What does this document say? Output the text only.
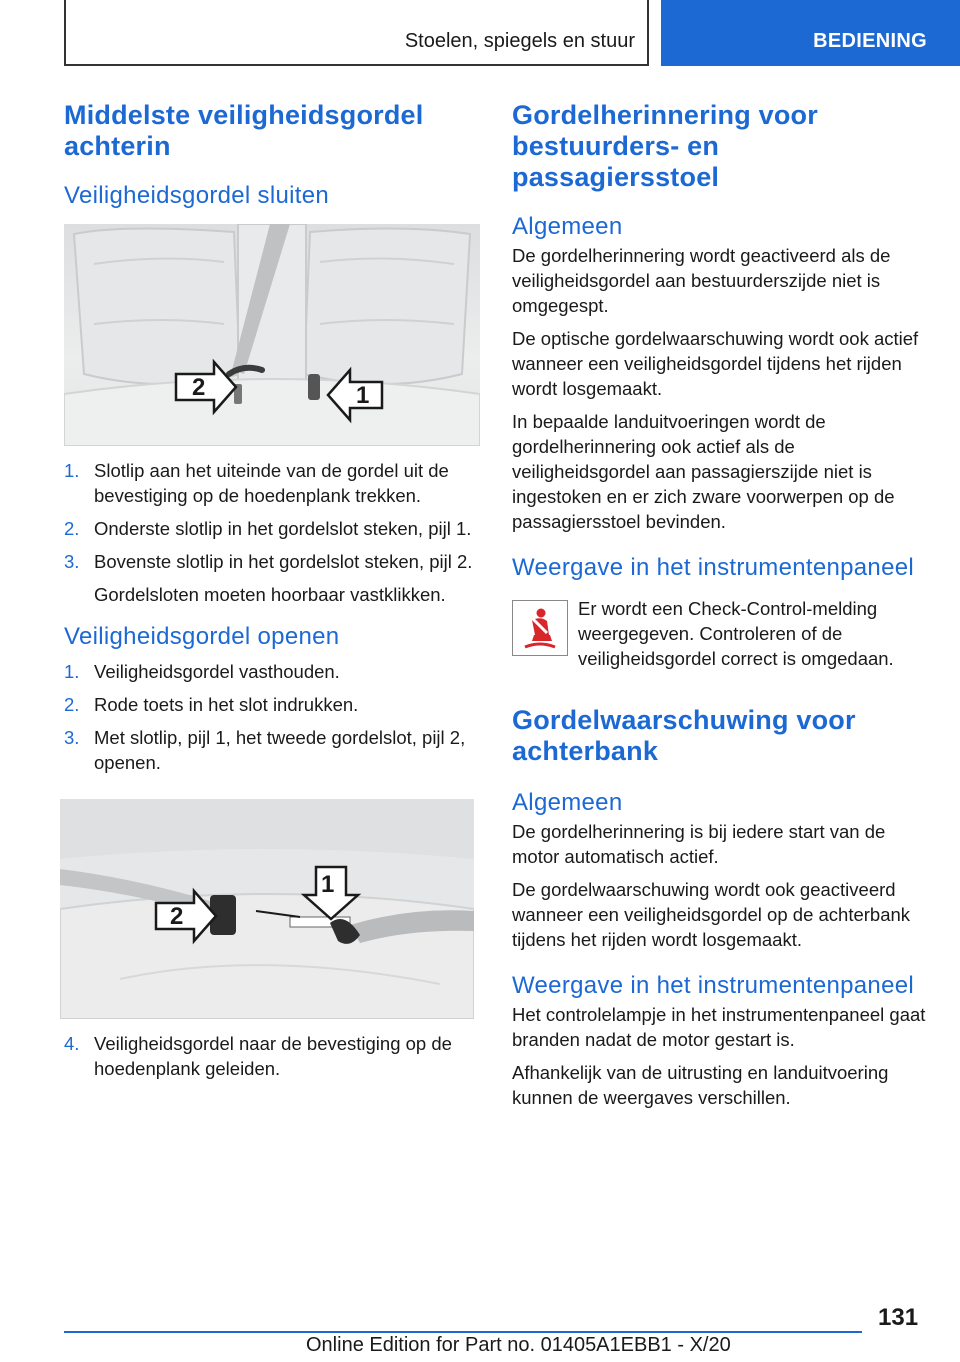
Stoelen, spiegels en stuur	BEDIENING
Middelste veiligheidsgordel achterin
Veiligheidsgordel sluiten
2	1
1. Slotlip aan het uiteinde van de gordel uit de bevestiging op de hoedenplank trekken.
2. Onderste slotlip in het gordelslot steken, pijl 1.
3. Bovenste slotlip in het gordelslot steken, pijl 2.
Gordelsloten moeten hoorbaar vastklikken.
Veiligheidsgordel openen
1. Veiligheidsgordel vasthouden.
2. Rode toets in het slot indrukken.
3. Met slotlip, pijl 1, het tweede gordelslot, pijl 2, openen.
1
2
4. Veiligheidsgordel naar de bevestiging op de hoedenplank geleiden.
Gordelherinnering voor bestuurders- en passagiersstoel
Algemeen

De gordelherinnering wordt geactiveerd als de veiligheidsgordel aan bestuurderszijde niet is omgegespt.

De optische gordelwaarschuwing wordt ook actief wanneer een veiligheidsgordel tijdens het rijden wordt losgemaakt.

In bepaalde landuitvoeringen wordt de gordelherinnering ook actief als de veiligheidsgordel aan passagierszijde niet is ingestoken en er zich zware voorwerpen op de passagiersstoel bevinden.

Weergave in het instrumentenpaneel

Er wordt een Check-Control-melding weergegeven. Controleren of de veiligheidsgordel correct is omgedaan.

Gordelwaarschuwing voor achterbank
Algemeen

De gordelherinnering is bij iedere start van de motor automatisch actief.

De gordelwaarschuwing wordt ook geactiveerd wanneer een veiligheidsgordel op de achterbank tijdens het rijden wordt losgemaakt.

Weergave in het instrumentenpaneel

Het controlelampje in het instrumentenpaneel gaat branden nadat de motor gestart is.

Afhankelijk van de uitrusting en landuitvoering kunnen de weergaves verschillen.

131
Online Edition for Part no. 01405A1EBB1 - X/20
